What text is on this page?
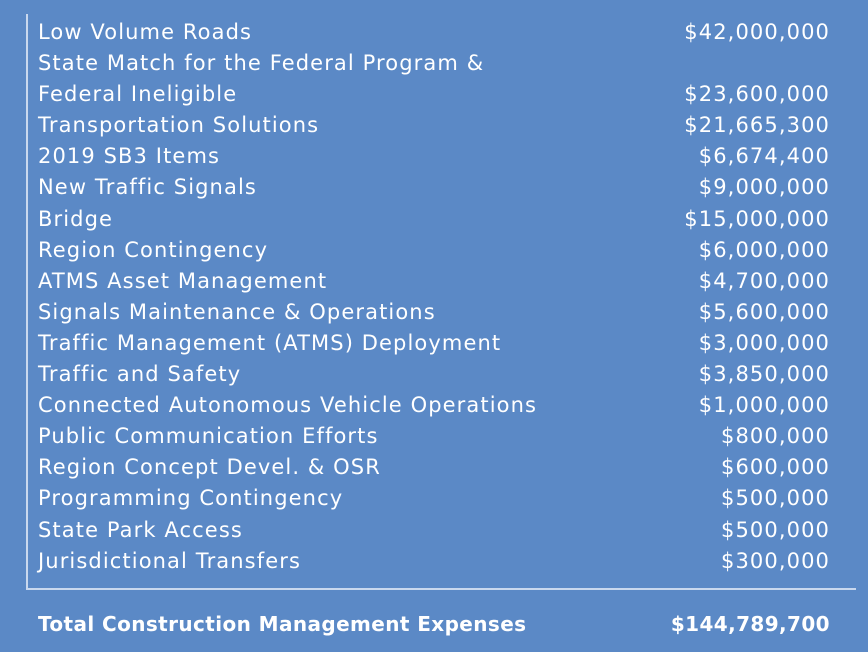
Low Volume Roads	$42,000,000
State Match for the Federal Program &
Federal Ineligible	$23,600,000
Transportation Solutions	$21,665,300
2019 SB3 Items	$6,674,400
New Traffic Signals	$9,000,000
Bridge	$15,000,000
Region Contingency	$6,000,000
ATMS Asset Management	$4,700,000
Signals Maintenance & Operations	$5,600,000
Traffic Management (ATMS) Deployment	$3,000,000
Traffic and Safety	$3,850,000
Connected Autonomous Vehicle Operations	$1,000,000
Public Communication Efforts	$800,000
Region Concept Devel. & OSR	$600,000
Programming Contingency	$500,000
State Park Access	$500,000
Jurisdictional Transfers	$300,000
Total Construction Management Expenses	$144,789,700
